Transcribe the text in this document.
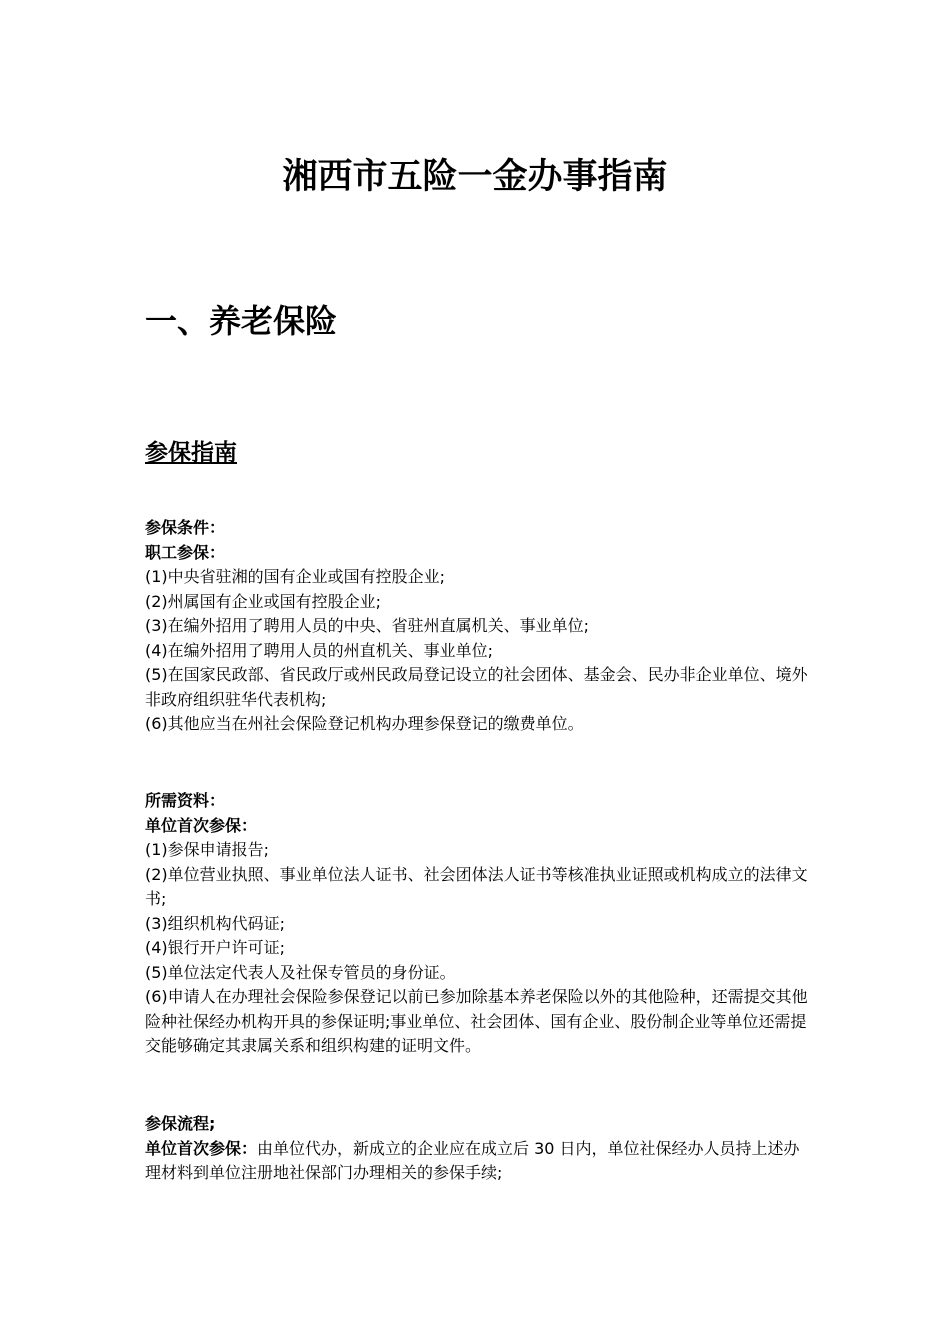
湘西市五险一金办事指南
一、养老保险
参保指南

参保条件：

职工参保：

(1)中央省驻湘的国有企业或国有控股企业;

(2)州属国有企业或国有控股企业;

(3)在编外招用了聘用人员的中央、省驻州直属机关、事业单位;

(4)在编外招用了聘用人员的州直机关、事业单位;

(5)在国家民政部、省民政厅或州民政局登记设立的社会团体、基金会、民办非企业单位、境外非政府组织驻华代表机构;

(6)其他应当在州社会保险登记机构办理参保登记的缴费单位。

所需资料：

单位首次参保：

(1)参保申请报告;

(2)单位营业执照、事业单位法人证书、社会团体法人证书等核准执业证照或机构成立的法律文书;

(3)组织机构代码证;

(4)银行开户许可证;

(5)单位法定代表人及社保专管员的身份证。

(6)申请人在办理社会保险参保登记以前已参加除基本养老保险以外的其他险种，还需提交其他险种社保经办机构开具的参保证明;事业单位、社会团体、国有企业、股份制企业等单位还需提交能够确定其隶属关系和组织构建的证明文件。

参保流程;

单位首次参保：由单位代办，新成立的企业应在成立后 30 日内，单位社保经办人员持上述办理材料到单位注册地社保部门办理相关的参保手续;
